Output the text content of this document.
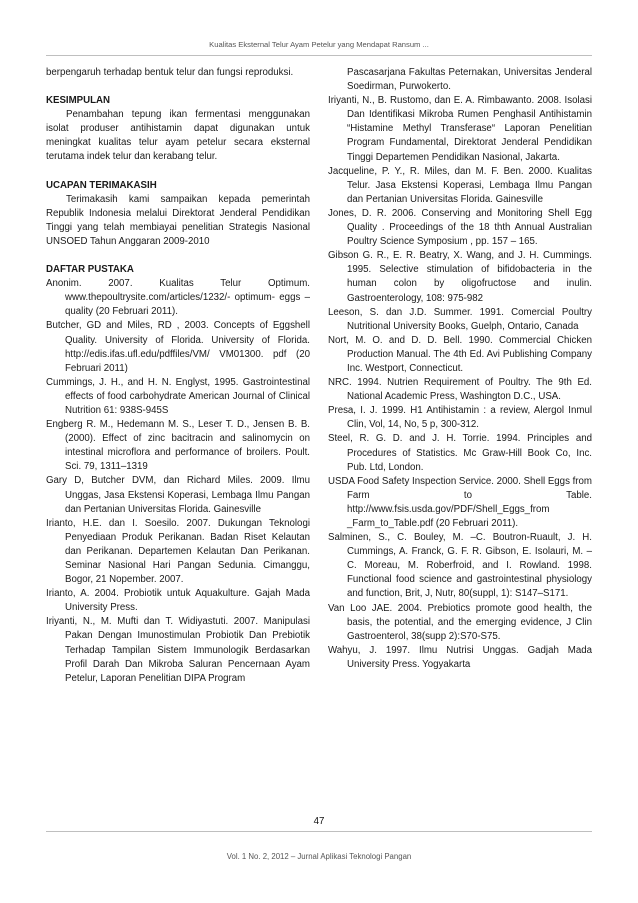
Kualitas Eksternal Telur Ayam Petelur yang Mendapat Ransum ...

berpengaruh terhadap bentuk telur dan fungsi reproduksi.

KESIMPULAN

Penambahan tepung ikan fermentasi menggunakan isolat produser antihistamin dapat digunakan untuk meningkat kualitas telur ayam petelur secara eksternal terutama indek telur dan kerabang telur.

UCAPAN TERIMAKASIH

Terimakasih kami sampaikan kepada pemerintah Republik Indonesia melalui Direktorat Jenderal Pendidikan Tinggi yang telah membiayai penelitian Strategis Nasional UNSOED Tahun Anggaran 2009-2010

DAFTAR PUSTAKA

Anonim. 2007. Kualitas Telur Optimum. www.thepoultrysite.com/articles/1232/- optimum- eggs –quality (20 Februari 2011).

Butcher, GD and Miles, RD , 2003. Concepts of Eggshell Quality. University of Florida. University of Florida. http://edis.ifas.ufl.edu/pdffiles/VM/ VM01300. pdf (20 Februari 2011)

Cummings, J. H., and H. N. Englyst, 1995. Gastrointestinal effects of food carbohydrate American Journal of Clinical Nutrition 61: 938S-945S

Engberg R. M., Hedemann M. S., Leser T. D., Jensen B. B. (2000). Effect of zinc bacitracin and salinomycin on intestinal microflora and performance of broilers. Poult. Sci. 79, 1311–1319

Gary D, Butcher DVM, dan Richard Miles. 2009. Ilmu Unggas, Jasa Ekstensi Koperasi, Lembaga Ilmu Pangan dan Pertanian Universitas Florida. Gainesville

Irianto, H.E. dan I. Soesilo. 2007. Dukungan Teknologi Penyediaan Produk Perikanan. Badan Riset Kelautan dan Perikanan. Departemen Kelautan Dan Perikanan. Seminar Nasional Hari Pangan Sedunia. Cimanggu, Bogor, 21 Nopember. 2007.

Irianto, A. 2004. Probiotik untuk Aquakulture. Gajah Mada University Press.

Iriyanti, N., M. Mufti dan T. Widiyastuti. 2007. Manipulasi Pakan Dengan Imunostimulan Probiotik Dan Prebiotik Terhadap Tampilan Sistem Immunologik Berdasarkan Profil Darah Dan Mikroba Saluran Pencernaan Ayam Petelur, Laporan Penelitian DIPA Program

Pascasarjana Fakultas Peternakan, Universitas Jenderal Soedirman, Purwokerto.

Iriyanti, N., B. Rustomo, dan E. A. Rimbawanto. 2008. Isolasi Dan Identifikasi Mikroba Rumen Penghasil Antihistamin “Histamine Methyl Transferase“ Laporan Penelitian Program Fundamental, Direktorat Jenderal Pendidikan Tinggi Departemen Pendidikan Nasional, Jakarta.

Jacqueline, P. Y., R. Miles, dan M. F. Ben. 2000. Kualitas Telur. Jasa Ekstensi Koperasi, Lembaga Ilmu Pangan dan Pertanian Universitas Florida. Gainesville

Jones, D. R. 2006. Conserving and Monitoring Shell Egg Quality . Proceedings of the 18 thth Annual Australian Poultry Science Symposium , pp. 157 – 165.

Gibson G. R., E. R. Beatry, X. Wang, and J. H. Cummings. 1995. Selective stimulation of bifidobacteria in the human colon by oligofructose and inulin. Gastroenterology, 108: 975-982

Leeson, S. dan J.D. Summer. 1991. Comercial Poultry Nutritional University Books, Guelph, Ontario, Canada

Nort, M. O. and D. D. Bell. 1990. Commercial Chicken Production Manual. The 4th Ed. Avi Publishing Company Inc. Westport, Connecticut.

NRC. 1994. Nutrien Requirement of Poultry. The 9th Ed. National Academic Press, Washington D.C., USA.

Presa, I. J. 1999. H1 Antihistamin : a review, Alergol Inmul Clin, Vol, 14, No, 5 p, 300-312.

Steel, R. G. D. and J. H. Torrie. 1994. Principles and Procedures of Statistics. Mc Graw-Hill Book Co, Inc. Pub. Ltd, London.

USDA Food Safety Inspection Service. 2000. Shell Eggs from Farm to Table. http://www.fsis.usda.gov/PDF/Shell_Eggs_from _Farm_to_Table.pdf (20 Februari 2011).

Salminen, S., C. Bouley, M. –C. Boutron-Ruault, J. H. Cummings, A. Franck, G. F. R. Gibson, E. Isolauri, M. –C. Moreau, M. Roberfroid, and I. Rowland. 1998. Functional food science and gastrointestinal physiology and function, Brit, J, Nutr, 80(suppl, 1): S147–S171.

Van Loo JAE. 2004. Prebiotics promote good health, the basis, the potential, and the emerging evidence, J Clin Gastroenterol, 38(supp 2):S70-S75.

Wahyu, J. 1997. Ilmu Nutrisi Unggas. Gadjah Mada University Press. Yogyakarta

47
Vol. 1 No. 2, 2012 – Jurnal Aplikasi Teknologi Pangan
